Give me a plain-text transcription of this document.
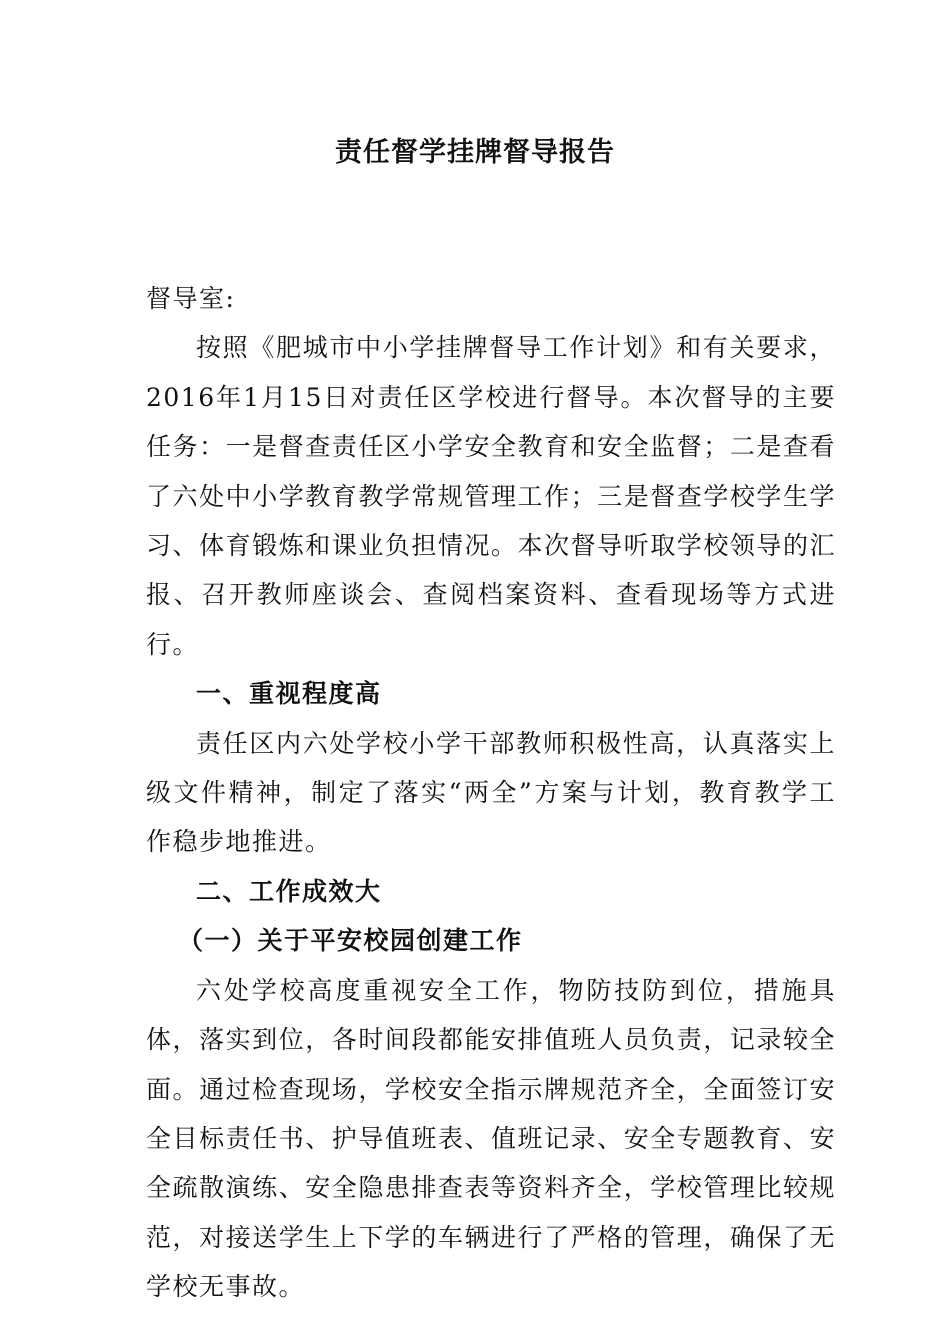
责任督学挂牌督导报告

督导室:

按照《肥城市中小学挂牌督导工作计划》和有关要求，2016年1月15日对责任区学校进行督导。本次督导的主要任务：一是督查责任区小学安全教育和安全监督；二是查看了六处中小学教育教学常规管理工作；三是督查学校学生学习、体育锻炼和课业负担情况。本次督导听取学校领导的汇报、召开教师座谈会、查阅档案资料、查看现场等方式进行。

一、重视程度高

责任区内六处学校小学干部教师积极性高，认真落实上级文件精神，制定了落实“两全”方案与计划，教育教学工作稳步地推进。

二、工作成效大

（一）关于平安校园创建工作

六处学校高度重视安全工作，物防技防到位，措施具体，落实到位，各时间段都能安排值班人员负责，记录较全面。通过检查现场，学校安全指示牌规范齐全，全面签订安全目标责任书、护导值班表、值班记录、安全专题教育、安全疏散演练、安全隐患排查表等资料齐全，学校管理比较规范，对接送学生上下学的车辆进行了严格的管理，确保了无学校无事故。
